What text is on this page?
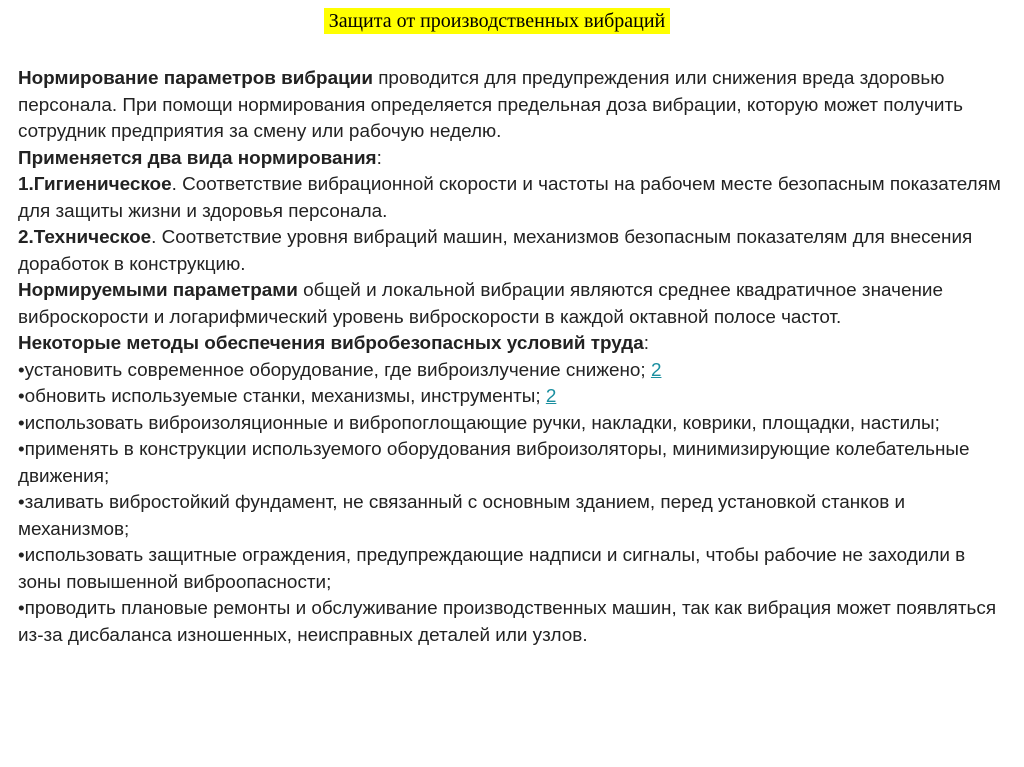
Защита от производственных вибраций

Нормирование параметров вибрации проводится для предупреждения или снижения вреда здоровью персонала. При помощи нормирования определяется предельная доза вибрации, которую может получить сотрудник предприятия за смену или рабочую неделю.

Применяется два вида нормирования:

1.Гигиеническое. Соответствие вибрационной скорости и частоты на рабочем месте безопасным показателям для защиты жизни и здоровья персонала.

2.Техническое. Соответствие уровня вибраций машин, механизмов безопасным показателям для внесения доработок в конструкцию.

Нормируемыми параметрами общей и локальной вибрации являются среднее квадратичное значение виброскорости и логарифмический уровень виброскорости в каждой октавной полосе частот.

Некоторые методы обеспечения вибробезопасных условий труда:

•установить современное оборудование, где виброизлучение снижено; 2

•обновить используемые станки, механизмы, инструменты; 2

•использовать виброизоляционные и вибропоглощающие ручки, накладки, коврики, площадки, настилы;

•применять в конструкции используемого оборудования виброизоляторы, минимизирующие колебательные движения;

•заливать вибростойкий фундамент, не связанный с основным зданием, перед установкой станков и механизмов;

•использовать защитные ограждения, предупреждающие надписи и сигналы, чтобы рабочие не заходили в зоны повышенной виброопасности;

•проводить плановые ремонты и обслуживание производственных машин, так как вибрация может появляться из-за дисбаланса изношенных, неисправных деталей или узлов.
